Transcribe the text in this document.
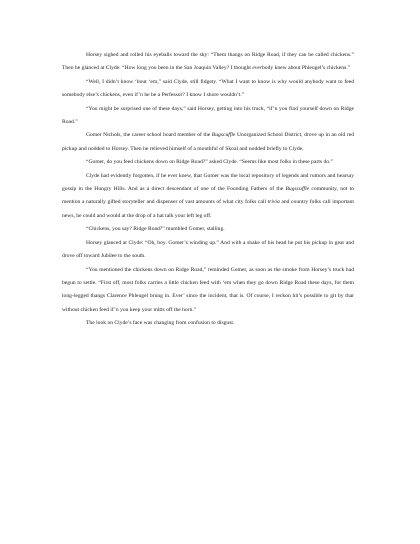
Horsey sighed and rolled his eyeballs toward the sky: “Them thangs on Ridge Road, if they can be called chickens.” Then he glanced at Clyde: “How long you been in the San Joaquin Valley? I thought everbody knew about Phleugel’s chickens.”

“Well, I didn’t know ‘bout ‘em,” said Clyde, still fidgety. “What I want to know is why would anybody want to feed somebody else’s chickens, even if’n he be a Perfessor? I know I shore wouldn’t.”

“You might be surprised one of these days,” said Horsey, getting into his truck, “if’n you find yourself down on Ridge Road.”

Gomer Nichols, the career school board member of the Bugscuffle Unorganized School District, drove up in an old red pickup and nodded to Horsey. Then he relieved himself of a mouthful of Skoal and nodded briefly to Clyde.

“Gomer, do you feed chickens down on Ridge Road?” asked Clyde. “Seems like most folks in these parts do.”

Clyde had evidently forgotten, if he ever knew, that Gomer was the local repository of legends and rumors and hearsay gossip in the Hungry Hills. And as a direct descendant of one of the Founding Fathers of the Bugscuffle community, not to mention a naturally gifted storyteller and dispenser of vast amounts of what city folks call trivia and country folks call important news, he could and would at the drop of a hat talk your left leg off.

“Chickens, you say? Ridge Road?” mumbled Gomer, stalling.

Horsey glanced at Clyde: “Oh, boy. Gomer’s winding up.” And with a shake of his head he put his pickup in gear and drove off toward Jubilee to the south.

“You mentioned the chickens down on Ridge Road,” reminded Gomer, as soon as the smoke from Horsey’s truck had begun to settle. “First off, most folks carries a little chicken feed with ‘em when they go down Ridge Road these days, for them long-legged thangs Clarence Phleugel brung in. Ever’ since the incident, that is. Of course, I reckon hit’s possible to git by thar without chicken feed if’n you keep your mitts off the horn.”

The look on Clyde’s face was changing from confusion to disgust.
